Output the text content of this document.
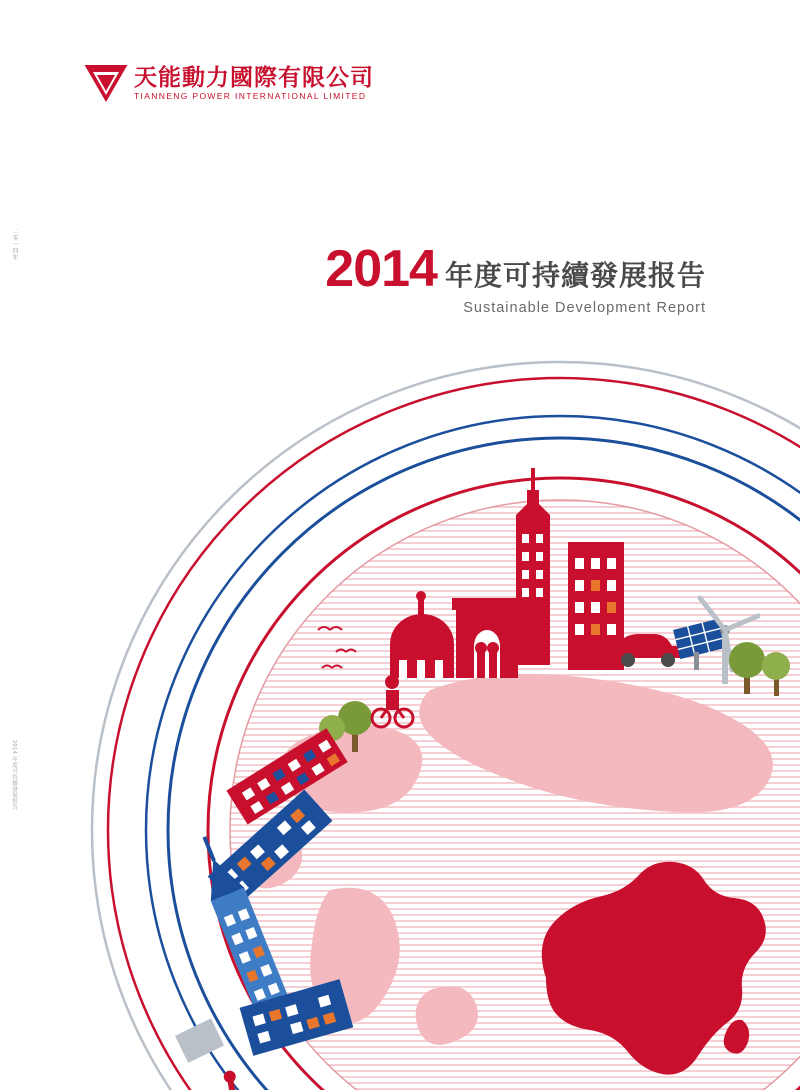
天能動力國際有限公司
TIANNENG POWER INTERNATIONAL LIMITED
二零一四年
2014 年度可持續發展报告
2014 年度可持續發展报告
Sustainable Development Report
